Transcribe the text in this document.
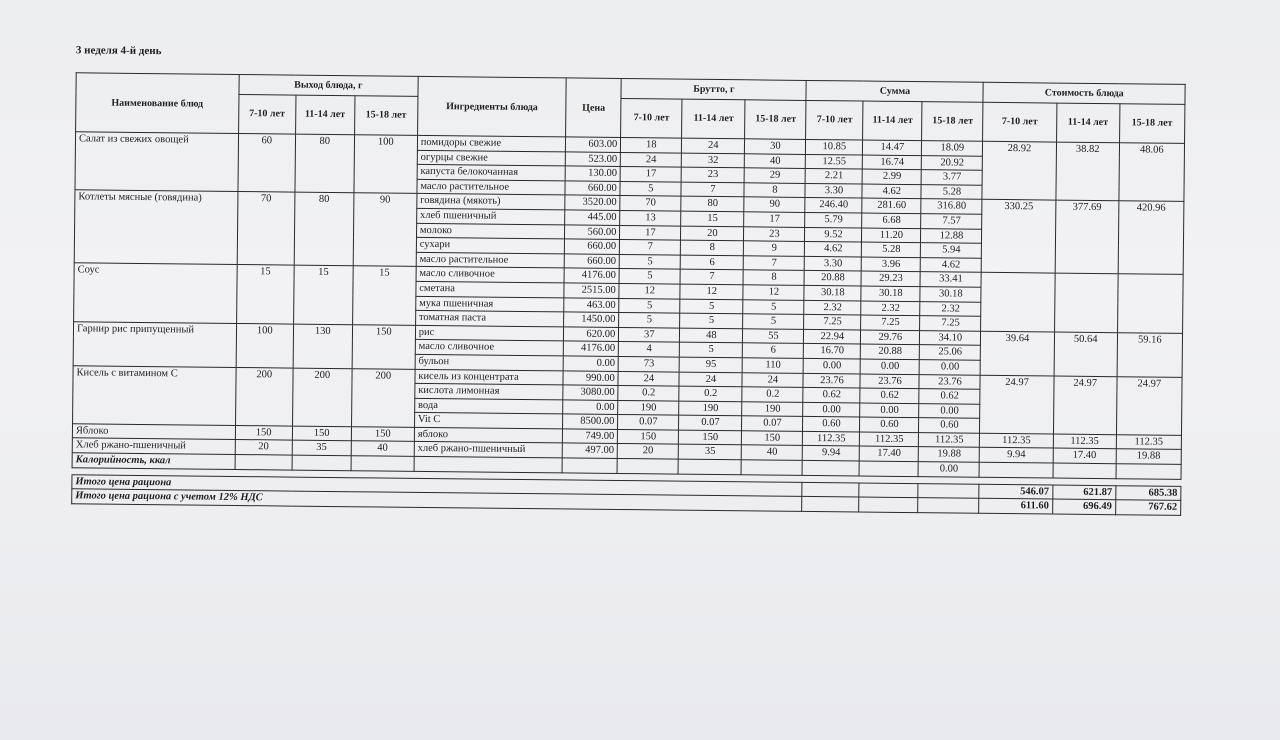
3 неделя 4-й день
Наименование блюд	Выход блюда, г			Ингредиенты блюда	Цена	Брутто, г			Сумма			Стоимость блюда		
	7-10 лет	11-14 лет	15-18 лет			7-10 лет	11-14 лет	15-18 лет	7-10 лет	11-14 лет	15-18 лет	7-10 лет	11-14 лет	15-18 лет
Салат из свежих овощей	60	80	100	помидоры свежие	603.00	18	24	30	10.85	14.47	18.09	28.92	38.82	48.06
				огурцы свежие	523.00	24	32	40	12.55	16.74	20.92			
				капуста белокочанная	130.00	17	23	29	2.21	2.99	3.77			
				масло растительное	660.00	5	7	8	3.30	4.62	5.28			
Котлеты мясные (говядина)	70	80	90	говядина (мякоть)	3520.00	70	80	90	246.40	281.60	316.80	330.25	377.69	420.96
				хлеб пшеничный	445.00	13	15	17	5.79	6.68	7.57			
				молоко	560.00	17	20	23	9.52	11.20	12.88			
				сухари	660.00	7	8	9	4.62	5.28	5.94			
				масло растительное	660.00	5	6	7	3.30	3.96	4.62			
Соус	15	15	15	масло сливочное	4176.00	5	7	8	20.88	29.23	33.41			
				сметана	2515.00	12	12	12	30.18	30.18	30.18			
				мука пшеничная	463.00	5	5	5	2.32	2.32	2.32			
				томатная паста	1450.00	5	5	5	7.25	7.25	7.25			
Гарнир рис припущенный	100	130	150	рис	620.00	37	48	55	22.94	29.76	34.10	39.64	50.64	59.16
				масло сливочное	4176.00	4	5	6	16.70	20.88	25.06			
				бульон	0.00	73	95	110	0.00	0.00	0.00			
Кисель с витамином С	200	200	200	кисель из концентрата	990.00	24	24	24	23.76	23.76	23.76	24.97	24.97	24.97
				кислота лимонная	3080.00	0.2	0.2	0.2	0.62	0.62	0.62			
				вода	0.00	190	190	190	0.00	0.00	0.00			
				Vit C	8500.00	0.07	0.07	0.07	0.60	0.60	0.60			
Яблоко	150	150	150	яблоко	749.00	150	150	150	112.35	112.35	112.35	112.35	112.35	112.35
Хлеб ржано-пшеничный	20	35	40	хлеб ржано-пшеничный	497.00	20	35	40	9.94	17.40	19.88	9.94	17.40	19.88
Калорийность, ккал											0.00			

Итого цена рациона												546.07	621.87	685.38
Итого цена рациона с учетом 12% НДС												611.60	696.49	767.62
